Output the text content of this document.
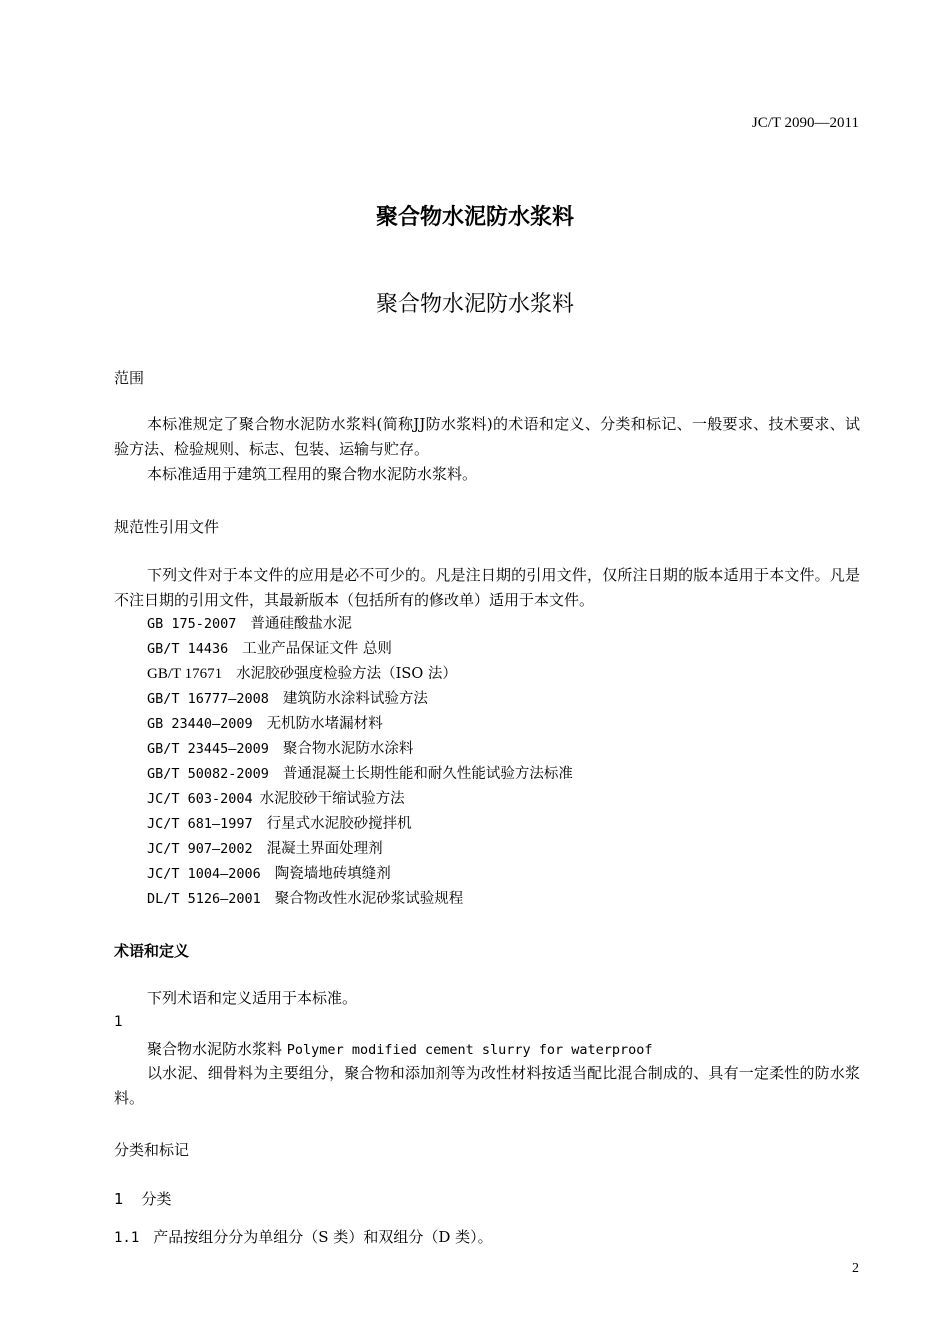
JC/T 2090—2011
聚合物水泥防水浆料
聚合物水泥防水浆料
范围
本标准规定了聚合物水泥防水浆料(简称JJ防水浆料)的术语和定义、分类和标记、一般要求、技术要求、试验方法、检验规则、标志、包装、运输与贮存。
本标准适用于建筑工程用的聚合物水泥防水浆料。
规范性引用文件
下列文件对于本文件的应用是必不可少的。凡是注日期的引用文件，仅所注日期的版本适用于本文件。凡是不注日期的引用文件，其最新版本（包括所有的修改单）适用于本文件。
GB 175-2007 普通硅酸盐水泥
GB/T 14436 工业产品保证文件 总则
GB/T 17671 水泥胶砂强度检验方法（ISO 法）
GB/T 16777—2008 建筑防水涂料试验方法
GB 23440—2009 无机防水堵漏材料
GB/T 23445—2009 聚合物水泥防水涂料
GB/T 50082-2009 普通混凝土长期性能和耐久性能试验方法标准
JC/T 603-2004 水泥胶砂干缩试验方法
JC/T 681—1997 行星式水泥胶砂搅拌机
JC/T 907—2002 混凝土界面处理剂
JC/T 1004—2006 陶瓷墙地砖填缝剂
DL/T 5126—2001 聚合物改性水泥砂浆试验规程
术语和定义
下列术语和定义适用于本标准。
1
聚合物水泥防水浆料 Polymer modified cement slurry for waterproof
以水泥、细骨料为主要组分，聚合物和添加剂等为改性材料按适当配比混合制成的、具有一定柔性的防水浆料。
分类和标记
1 分类
1.1 产品按组分分为单组分（S 类）和双组分（D 类）。
2
